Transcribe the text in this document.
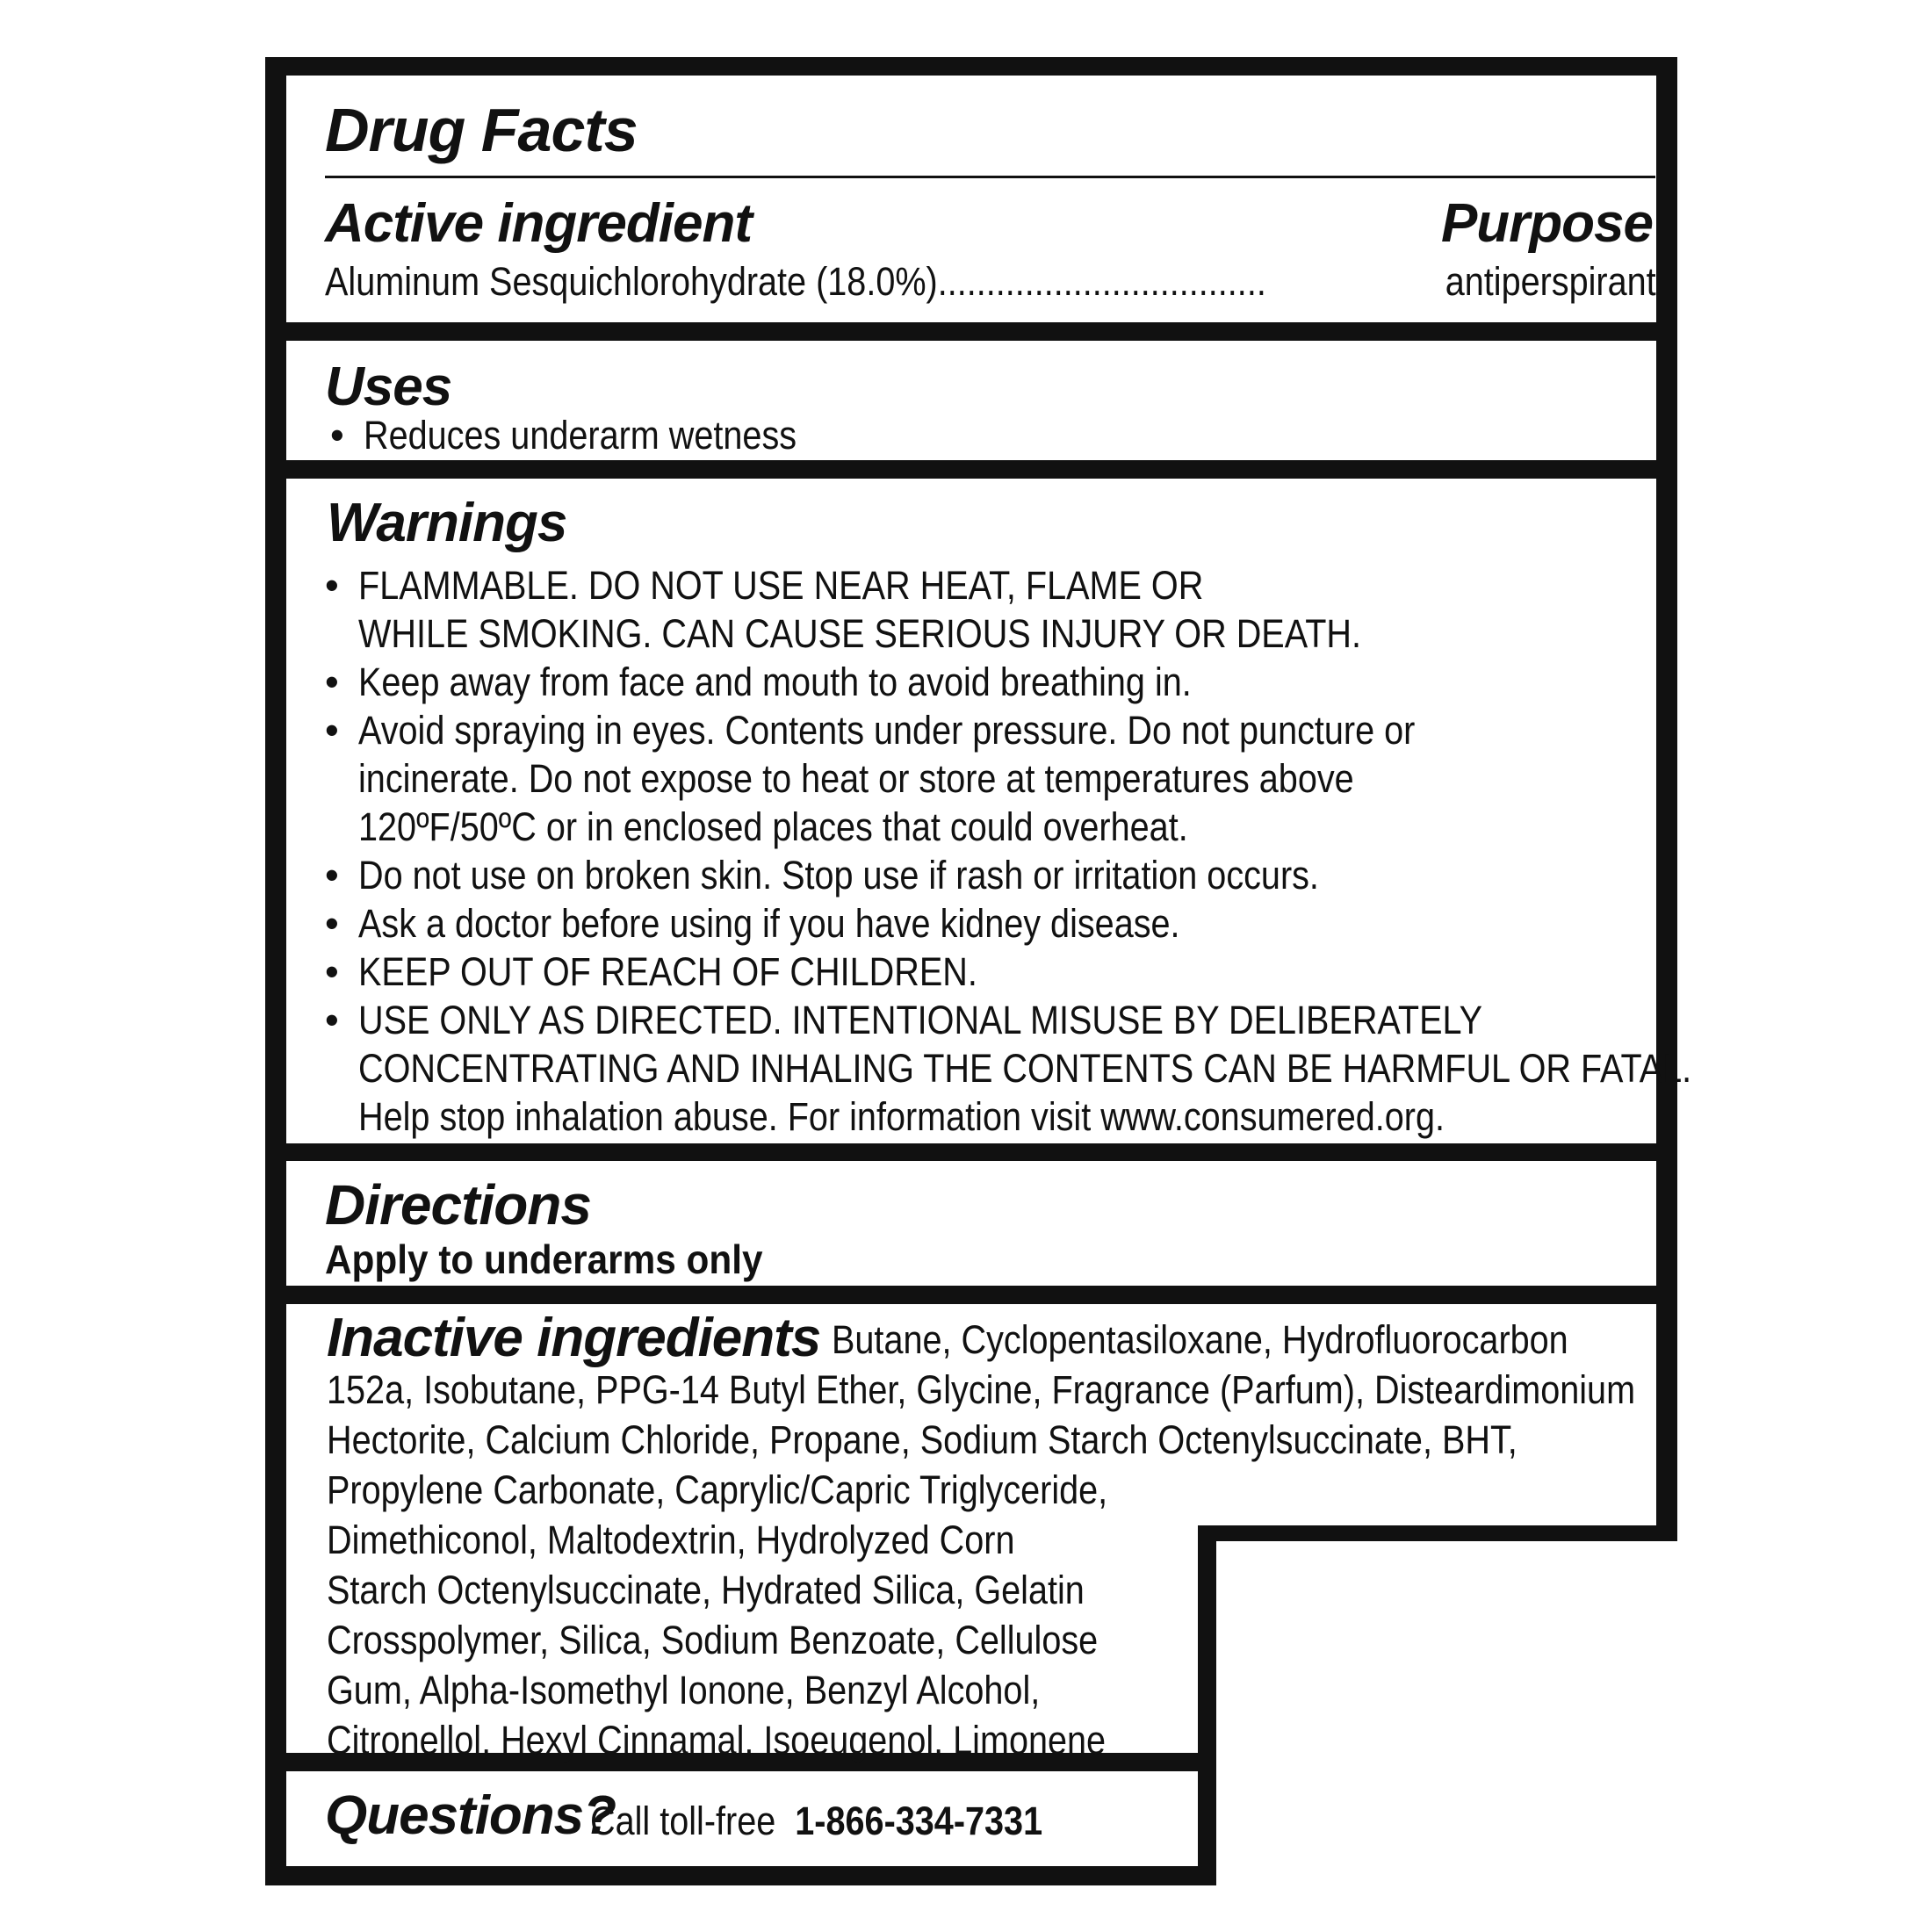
Drug Facts
Active ingredient	Purpose

Aluminum Sesquichlorohydrate (18.0%)..................................	antiperspirant

Uses
• Reduces underarm wetness
Warnings
• FLAMMABLE. DO NOT USE NEAR HEAT, FLAME OR
WHILE SMOKING. CAN CAUSE SERIOUS INJURY OR DEATH.
• Keep away from face and mouth to avoid breathing in.
• Avoid spraying in eyes. Contents under pressure. Do not puncture or
incinerate. Do not expose to heat or store at temperatures above
120ºF/50ºC or in enclosed places that could overheat.
• Do not use on broken skin. Stop use if rash or irritation occurs.
• Ask a doctor before using if you have kidney disease.
• KEEP OUT OF REACH OF CHILDREN.
• USE ONLY AS DIRECTED. INTENTIONAL MISUSE BY DELIBERATELY
CONCENTRATING AND INHALING THE CONTENTS CAN BE HARMFUL OR FATAL.
Help stop inhalation abuse. For information visit www.consumered.org.
Directions

Apply to underarms only

Inactive ingredients Butane, Cyclopentasiloxane, Hydrofluorocarbon
152a, Isobutane, PPG-14 Butyl Ether, Glycine, Fragrance (Parfum), Disteardimonium
Hectorite, Calcium Chloride, Propane, Sodium Starch Octenylsuccinate, BHT,
Propylene Carbonate, Caprylic/Capric Triglyceride,
Dimethiconol, Maltodextrin, Hydrolyzed Corn
Starch Octenylsuccinate, Hydrated Silica, Gelatin
Crosspolymer, Silica, Sodium Benzoate, Cellulose
Gum, Alpha-Isomethyl Ionone, Benzyl Alcohol,
Citronellol, Hexyl Cinnamal, Isoeugenol, Limonene
Questions?

Call toll-free 1-866-334-7331
